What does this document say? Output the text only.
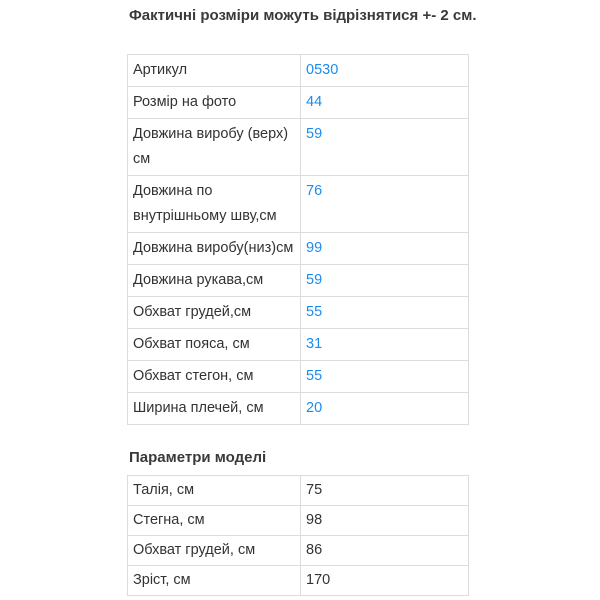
Фактичні розміри можуть відрізнятися +- 2 см.

Артикул	0530
Розмір на фото	44
Довжина виробу (верх) см	59
Довжина по внутрішньому шву,см	76
Довжина виробу(низ)см	99
Довжина рукава,см	59
Обхват грудей,см	55
Обхват пояса, см	31
Обхват стегон, см	55
Ширина плечей, см	20

Параметри моделі

Талія, см	75
Стегна, см	98
Обхват грудей, см	86
Зріст, см	170
